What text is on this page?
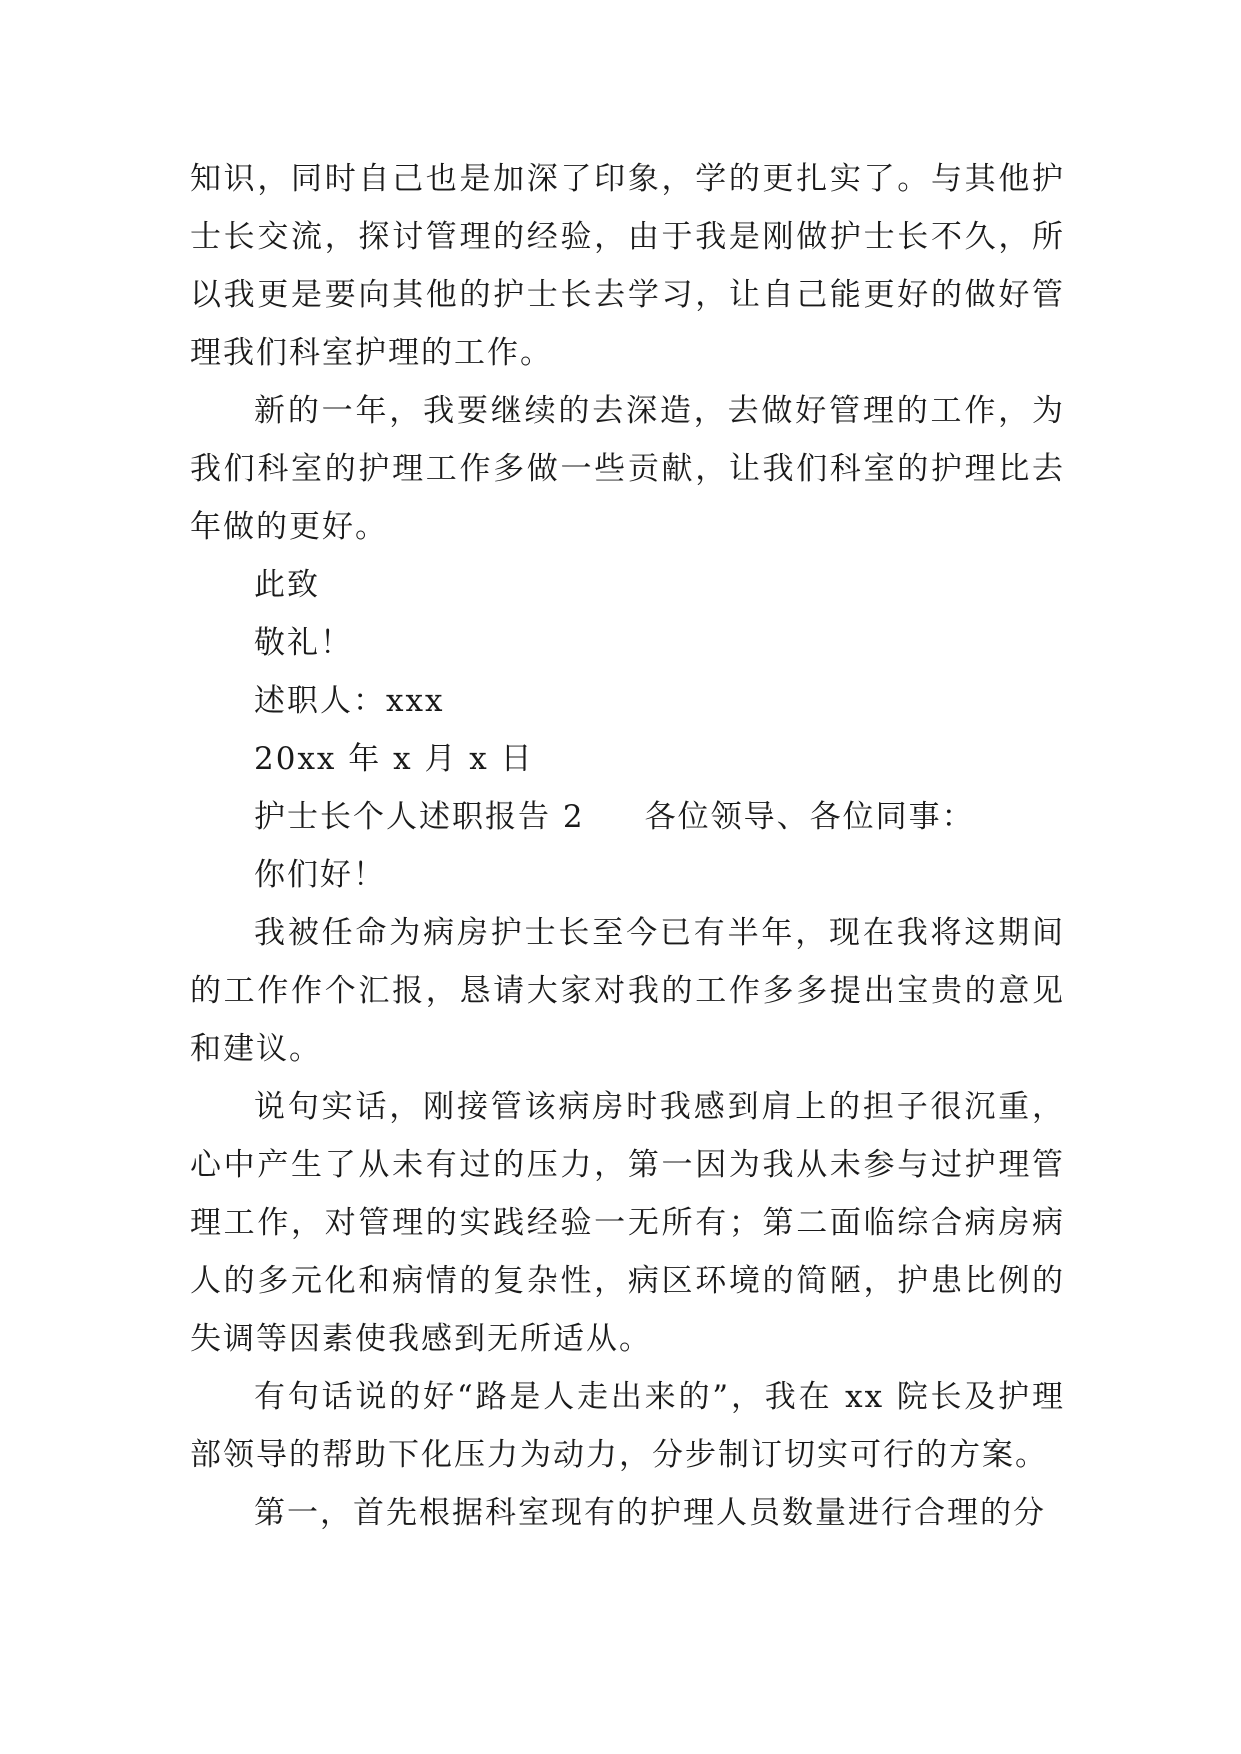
知识，同时自己也是加深了印象，学的更扎实了。与其他护士长交流，探讨管理的经验，由于我是刚做护士长不久，所以我更是要向其他的护士长去学习，让自己能更好的做好管理我们科室护理的工作。

新的一年，我要继续的去深造，去做好管理的工作，为我们科室的护理工作多做一些贡献，让我们科室的护理比去年做的更好。

此致

敬礼！

述职人：xxx

20xx 年 x 月 x 日

护士长个人述职报告 2 各位领导、各位同事：

你们好！

我被任命为病房护士长至今已有半年，现在我将这期间的工作作个汇报，恳请大家对我的工作多多提出宝贵的意见和建议。

说句实话，刚接管该病房时我感到肩上的担子很沉重，心中产生了从未有过的压力，第一因为我从未参与过护理管理工作，对管理的实践经验一无所有；第二面临综合病房病人的多元化和病情的复杂性，病区环境的简陋，护患比例的失调等因素使我感到无所适从。

有句话说的好“路是人走出来的”，我在 xx 院长及护理部领导的帮助下化压力为动力，分步制订切实可行的方案。

第一，首先根据科室现有的护理人员数量进行合理的分
